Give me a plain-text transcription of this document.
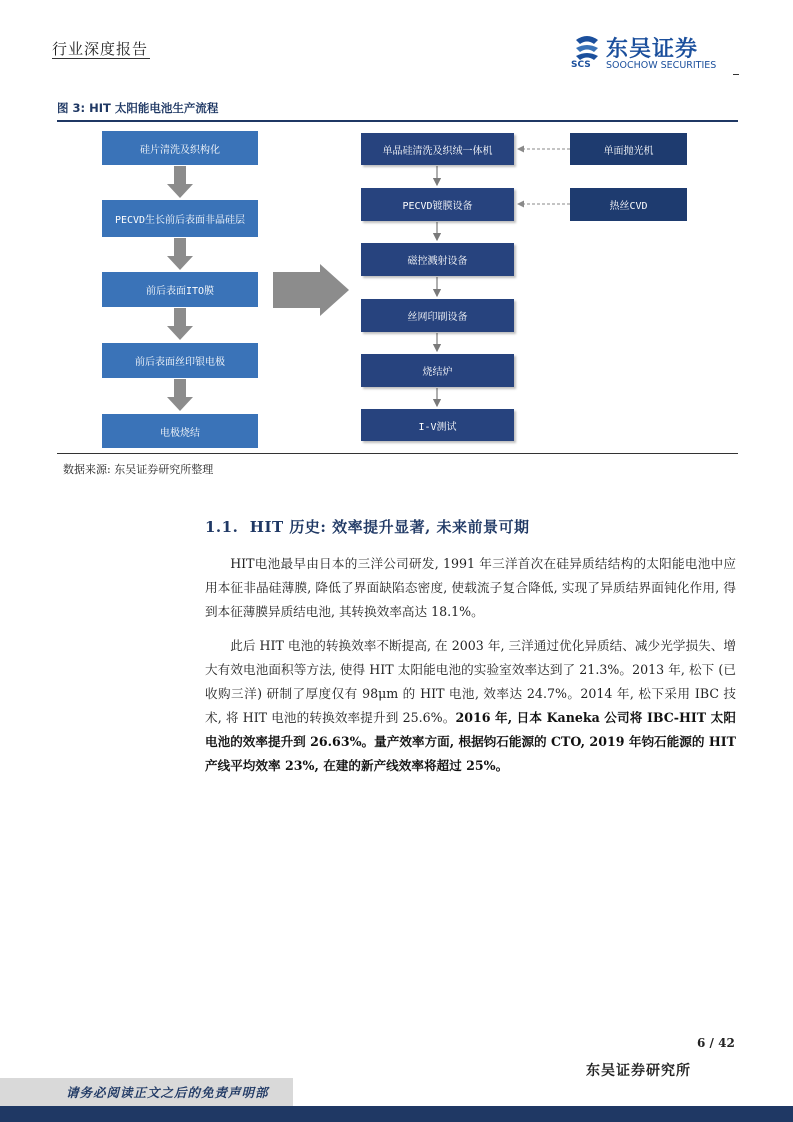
行业深度报告	东吴证券
SCS SOOCHOW SECURITIES
图 3: HIT 太阳能电池生产流程
硅片清洗及织构化
PECVD生长前后表面非晶硅层
前后表面ITO膜
前后表面丝印银电极
电极烧结
单晶硅清洗及织绒一体机
PECVD镀膜设备
磁控溅射设备
丝网印刷设备
烧结炉
I-V测试
单面抛光机
热丝CVD
数据来源: 东吴证券研究所整理
1.1. HIT 历史: 效率提升显著, 未来前景可期
HIT电池最早由日本的三洋公司研发, 1991 年三洋首次在硅异质结结构的太阳能电池中应用本征非晶硅薄膜, 降低了界面缺陷态密度, 使载流子复合降低, 实现了异质结界面钝化作用, 得到本征薄膜异质结电池, 其转换效率高达 18.1%。
此后 HIT 电池的转换效率不断提高, 在 2003 年, 三洋通过优化异质结、减少光学损失、增大有效电池面积等方法, 使得 HIT 太阳能电池的实验室效率达到了 21.3%。2013 年, 松下 (已收购三洋) 研制了厚度仅有 98μm 的 HIT 电池, 效率达 24.7%。2014 年, 松下采用 IBC 技术, 将 HIT 电池的转换效率提升到 25.6%。2016 年, 日本 Kaneka 公司将 IBC-HIT 太阳电池的效率提升到 26.63%。量产效率方面, 根据钧石能源的 CTO, 2019 年钧石能源的 HIT 产线平均效率 23%, 在建的新产线效率将超过 25%。
6 / 42
东吴证券研究所
请务必阅读正文之后的免责声明部
